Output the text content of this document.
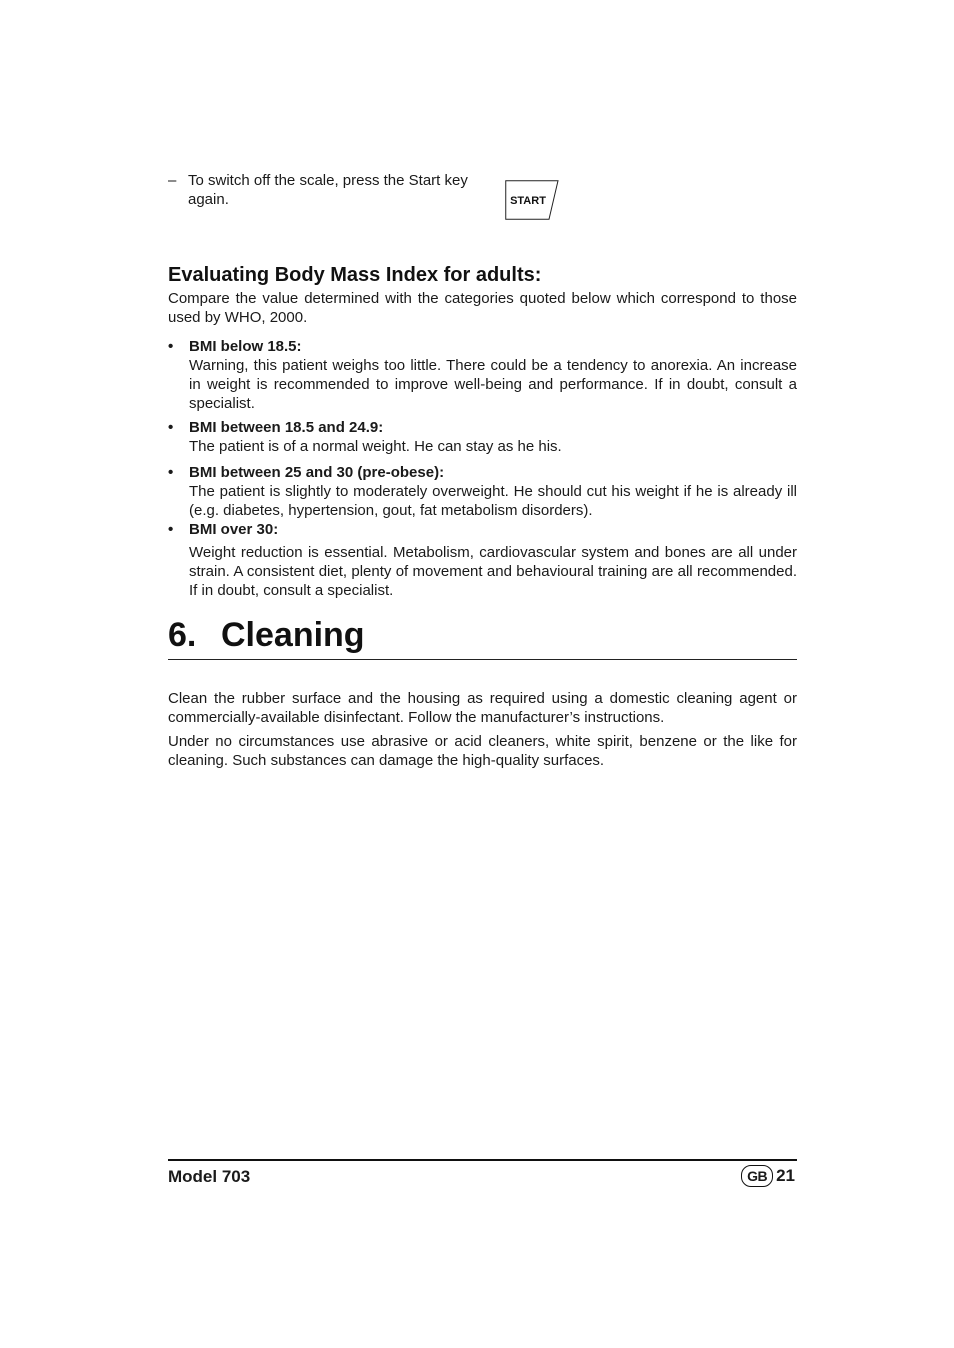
– To switch off the scale, press the Start key again.	START
Evaluating Body Mass Index for adults:

Compare the value determined with the categories quoted below which correspond to those used by WHO, 2000.

• BMI below 18.5:

Warning, this patient weighs too little. There could be a tendency to anorexia. An increase in weight is recommended to improve well-being and performance. If in doubt, consult a specialist.

• BMI between 18.5 and 24.9:

The patient is of a normal weight. He can stay as he his.

• BMI between 25 and 30 (pre-obese):

The patient is slightly to moderately overweight. He should cut his weight if he is already ill (e.g. diabetes, hypertension, gout, fat metabolism disorders).

• BMI over 30:

Weight reduction is essential. Metabolism, cardiovascular system and bones are all under strain. A consistent diet, plenty of movement and behavioural training are all recommended. If in doubt, consult a specialist.

6. Cleaning

Clean the rubber surface and the housing as required using a domestic cleaning agent or commercially-available disinfectant. Follow the manufacturer’s instructions.

Under no circumstances use abrasive or acid cleaners, white spirit, benzene or the like for cleaning. Such substances can damage the high-quality surfaces.

Model 703	GB 21
